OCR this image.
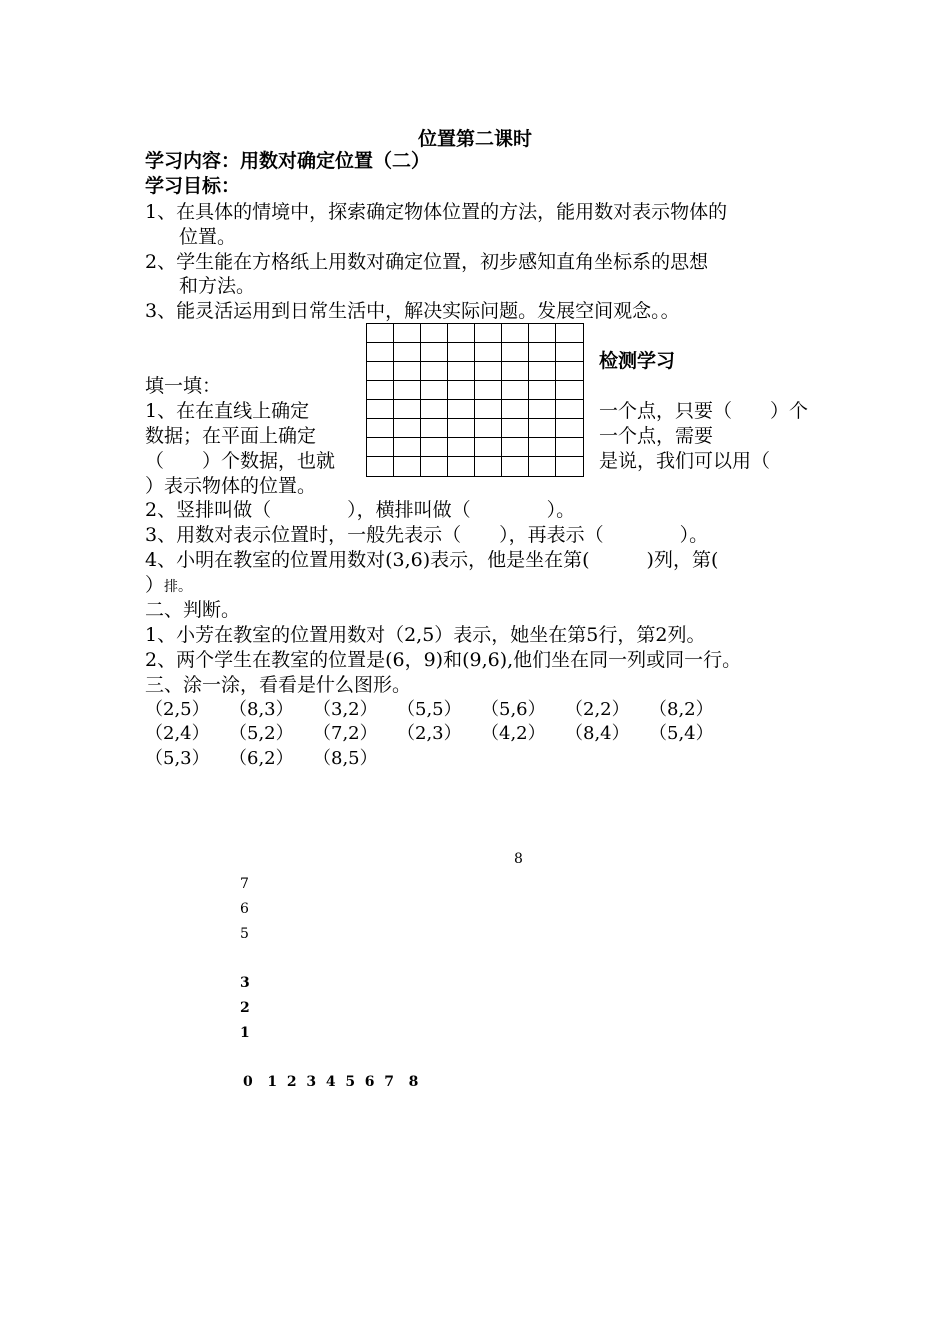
位置第二课时
学习内容：用数对确定位置（二）
学习目标：
1、在具体的情境中，探索确定物体位置的方法，能用数对表示物体的
位置。
2、学生能在方格纸上用数对确定位置，初步感知直角坐标系的思想
和方法。
3、能灵活运用到日常生活中，解决实际问题。发展空间观念。。
检测学习
填一填：
1、在在直线上确定
数据；在平面上确定
（　　）个数据，也就
一个点，只要（　　）个
一个点，需要
是说，我们可以用（
）表示物体的位置。
2、竖排叫做（　　　　），横排叫做（　　　　）。
3、用数对表示位置时，一般先表示（　　），再表示（　　　　）。
4、小明在教室的位置用数对(3,6)表示，他是坐在第(　　　)列，第(
）排。
二、判断。
1、小芳在教室的位置用数对（2,5）表示，她坐在第5行，第2列。
2、两个学生在教室的位置是(6，9)和(9,6),他们坐在同一列或同一行。
三、涂一涂，看看是什么图形。
（2,5） （8,3） （3,2） （5,5） （5,6） （2,2） （8,2）
（2,4） （5,2） （7,2） （2,3） （4,2） （8,4） （5,4）
（5,3） （6,2） （8,5）
8
7
6
5
3
2
1
0   1  2  3  4  5  6  7   8
